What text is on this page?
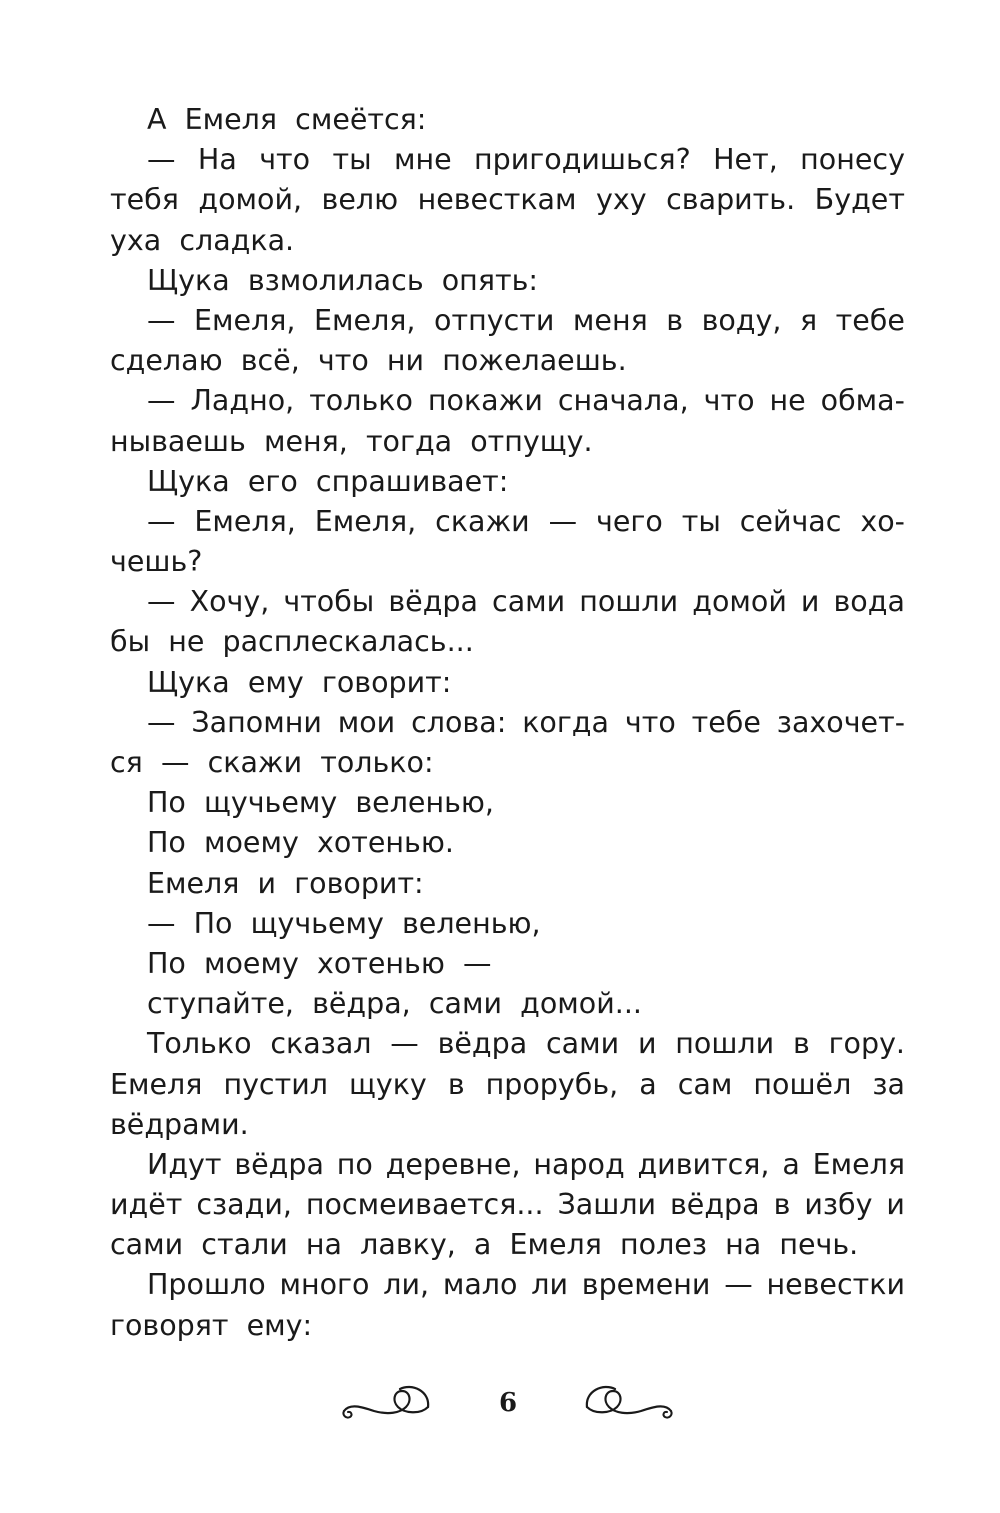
А Емеля смеётся:
— На что ты мне пригодишься? Нет, понесу
тебя домой, велю невесткам уху сварить. Будет
уха сладка.
Щука взмолилась опять:
— Емеля, Емеля, отпусти меня в воду, я тебе
сделаю всё, что ни пожелаешь.
— Ладно, только покажи сначала, что не обма-
нываешь меня, тогда отпущу.
Щука его спрашивает:
— Емеля, Емеля, скажи — чего ты сейчас хо-
чешь?
— Хочу, чтобы вёдра сами пошли домой и вода
бы не расплескалась...
Щука ему говорит:
— Запомни мои слова: когда что тебе захочет-
ся — скажи только:
По щучьему веленью,
По моему хотенью.
Емеля и говорит:
— По щучьему веленью,
По моему хотенью —
ступайте, вёдра, сами домой...
Только сказал — вёдра сами и пошли в гору.
Емеля пустил щуку в прорубь, а сам пошёл за
вёдрами.
Идут вёдра по деревне, народ дивится, а Емеля
идёт сзади, посмеивается... Зашли вёдра в избу и
сами стали на лавку, а Емеля полез на печь.
Прошло много ли, мало ли времени — невестки
говорят ему:
6
